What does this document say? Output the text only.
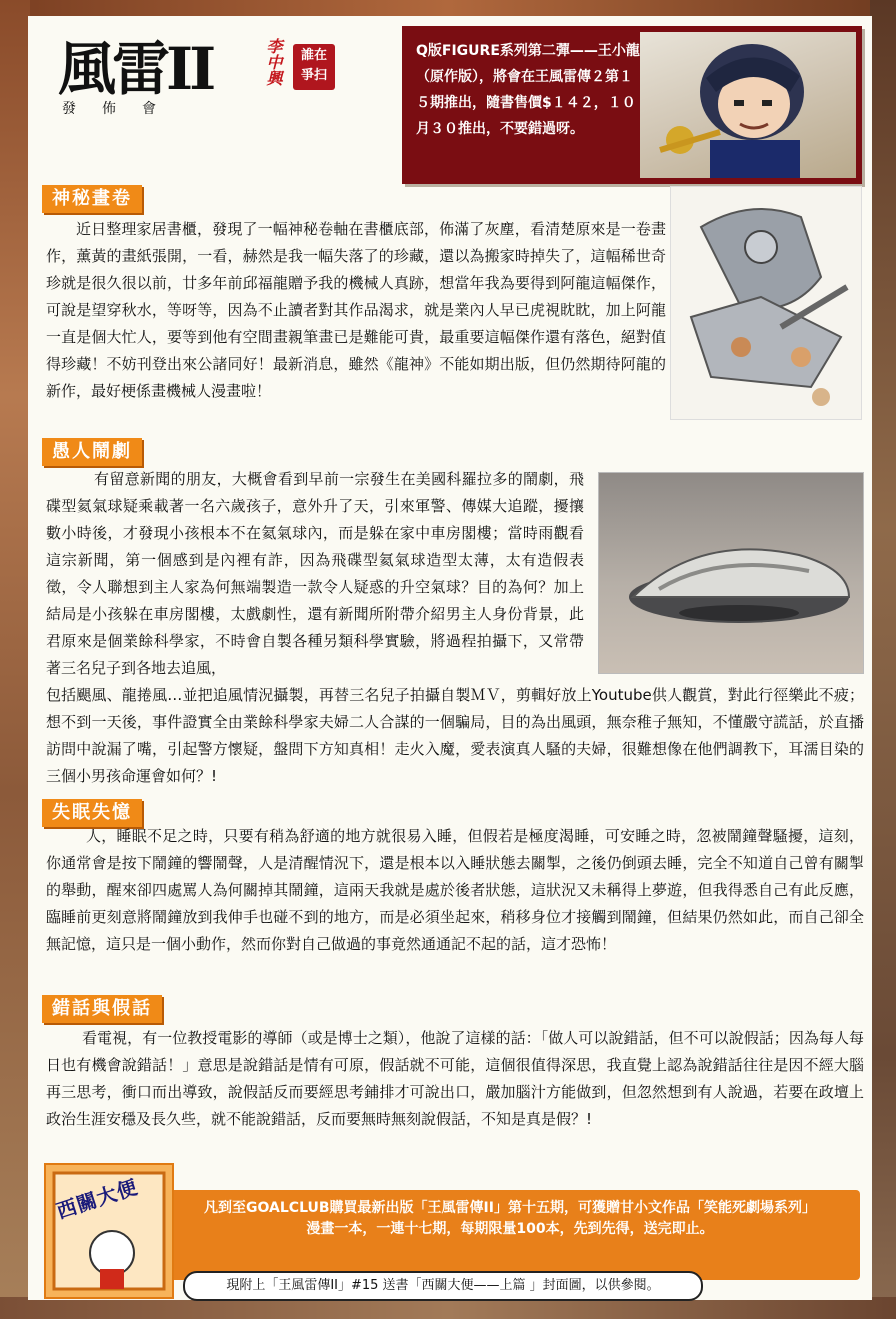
風雷II
發佈會
李中興	誰在
爭扫
Q版FIGURE系列第二彈——王小龍（原作版），將會在王風雷傳２第１５期推出，隨書售價$１４２，１０月３０推出，不要錯過呀。
神秘畫卷
近日整理家居書櫃，發現了一幅神秘卷軸在書櫃底部，佈滿了灰塵，看清楚原來是一卷畫作，薰黃的畫紙張開，一看，赫然是我一幅失落了的珍藏，還以為搬家時掉失了，這幅稀世奇珍就是很久很以前，廿多年前邱福龍贈予我的機械人真跡，想當年我為要得到阿龍這幅傑作，可說是望穿秋水，等呀等，因為不止讀者對其作品渴求，就是業內人早已虎視眈眈，加上阿龍一直是個大忙人，要等到他有空間畫親筆畫已是難能可貴，最重要這幅傑作還有落色，絕對值得珍藏！不妨刊登出來公諸同好！最新消息，雖然《龍神》不能如期出版，但仍然期待阿龍的新作，最好梗係畫機械人漫畫啦！
愚人鬧劇
有留意新聞的朋友，大概會看到早前一宗發生在美國科羅拉多的鬧劇，飛碟型氦氣球疑乘載著一名六歲孩子，意外升了天，引來軍警、傳媒大追蹤，擾攘數小時後，才發現小孩根本不在氦氣球內，而是躲在家中車房閣樓；當時雨觀看這宗新聞，第一個感到是內裡有詐，因為飛碟型氦氣球造型太薄，太有造假表徵，令人聯想到主人家為何無端製造一款令人疑惑的升空氣球？目的為何？加上結局是小孩躲在車房閣樓，太戲劇性，還有新聞所附帶介紹男主人身份背景，此君原來是個業餘科學家，不時會自製各種另類科學實驗，將過程拍攝下，又常帶著三名兒子到各地去追風，
包括颶風、龍捲風…並把追風情況攝製，再替三名兒子拍攝自製ＭＶ，剪輯好放上Youtube供人觀賞，對此行徑樂此不疲；想不到一天後，事件證實全由業餘科學家夫婦二人合謀的一個騙局，目的為出風頭，無奈稚子無知，不懂嚴守謊話，於直播訪問中說漏了嘴，引起警方懷疑，盤問下方知真相！走火入魔，愛表演真人騷的夫婦，很難想像在他們調教下，耳濡目染的三個小男孩命運會如何？!
失眠失憶
人，睡眠不足之時，只要有稍為舒適的地方就很易入睡，但假若是極度渴睡，可安睡之時，忽被鬧鐘聲騷擾，這刻，你通常會是按下鬧鐘的響鬧聲，人是清醒情況下，還是根本以入睡狀態去關掣，之後仍倒頭去睡，完全不知道自己曾有關掣的舉動，醒來卻四處罵人為何關掉其鬧鐘，這兩天我就是處於後者狀態，這狀況又未稱得上夢遊，但我得悉自己有此反應，臨睡前更刻意將鬧鐘放到我伸手也碰不到的地方，而是必須坐起來，稍移身位才接觸到鬧鐘，但結果仍然如此，而自己卻全無記憶，這只是一個小動作，然而你對自己做過的事竟然通通記不起的話，這才恐怖！
錯話與假話
看電視，有一位教授電影的導師（或是博士之類），他說了這樣的話：「做人可以說錯話，但不可以說假話；因為每人每日也有機會說錯話！」意思是說錯話是情有可原，假話就不可能，這個很值得深思，我直覺上認為說錯話往往是因不經大腦再三思考，衝口而出導致，說假話反而要經思考鋪排才可說出口，嚴加腦汁方能做到，但忽然想到有人說過，若要在政壇上政治生涯安穩及長久些，就不能說錯話，反而要無時無刻說假話，不知是真是假？!
凡到至GOALCLUB購買最新出版「王風雷傳II」第十五期，可獲贈甘小文作品「笑能死劇場系列」漫畫一本，一連十七期，每期限量100本，先到先得，送完即止。
西關大便
現附上「王風雷傳II」#15 送書「西關大便——上篇 」封面圖，以供參閱。
